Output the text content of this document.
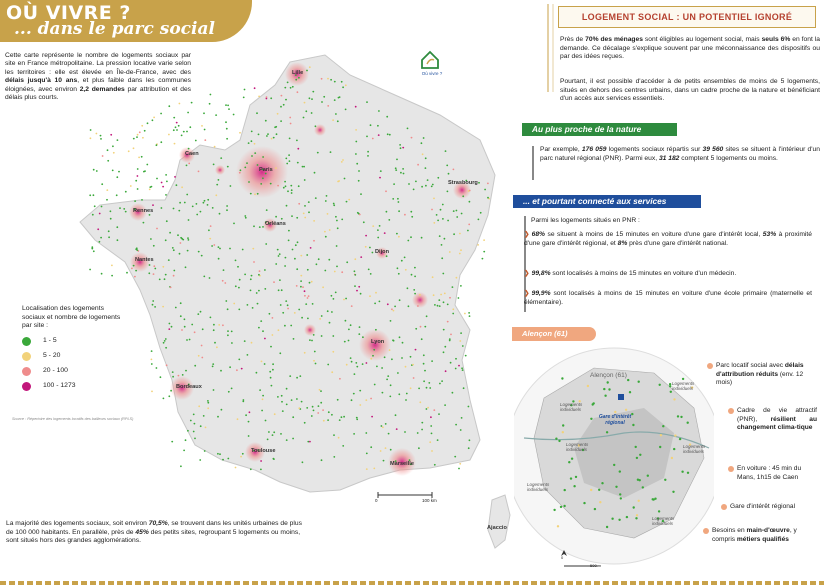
OÙ VIVRE ?
... dans le parc social
Où vivre ?
0	100 km
Lille
Caen
Paris
Strasbourg
Rennes
Orléans
Nantes
Dijon
Lyon
Bordeaux
Toulouse
Marseille
Ajaccio
Cette carte représente le nombre de logements sociaux par site en France métropolitaine. La pression locative varie selon les territoires : elle est élevée en Île-de-France, avec des délais jusqu'à 10 ans, et plus faible dans les communes éloignées, avec environ 2,2 demandes par attribution et des délais plus courts.
Localisation des logements sociaux et nombre de logements par site :
1 - 5
5 - 20
20 - 100
100 - 1273
Source : Répertoire des logements locatifs des bailleurs sociaux (RPLS)
La majorité des logements sociaux, soit environ 70,5%, se trouvent dans les unités urbaines de plus de 100 000 habitants. En parallèle, près de 45% des petits sites, regroupant 5 logements ou moins, sont situés hors des grandes agglomérations.
LOGEMENT SOCIAL : UN POTENTIEL IGNORÉ
Près de 70% des ménages sont éligibles au logement social, mais seuls 6% en font la demande. Ce décalage s'explique souvent par une méconnaissance des dispositifs ou par des idées reçues.
Pourtant, il est possible d'accéder à de petits ensembles de moins de 5 logements, situés en dehors des centres urbains, dans un cadre proche de la nature et bénéficiant d'un accès aux services essentiels.
Au plus proche de la nature
Par exemple, 176 059 logements sociaux répartis sur 39 560 sites se situent à l'intérieur d'un parc naturel régional (PNR). Parmi eux, 31 182 comptent 5 logements ou moins.
... et pourtant connecté aux services
Parmi les logements situés en PNR :
❯ 68% se situent à moins de 15 minutes en voiture d'une gare d'intérêt local, 53% à proximité d'une gare d'intérêt régional, et 8% près d'une gare d'intérêt national.
❯ 99,8% sont localisés à moins de 15 minutes en voiture d'un médecin.
❯ 99,9% sont localisés à moins de 15 minutes en voiture d'une école primaire (maternelle et élémentaire).
Alençon (61)
Alençon (61)
Gare d'intérêt régional
Logements individuels
Logements individuels
Logements individuels
Logements individuels
Logements individuels
Logements individuels
0
500 m
Parc locatif social avec délais d'attribution réduits (env. 12 mois)
Cadre de vie attractif (PNR), résilient au changement clima-tique
En voiture : 45 min du Mans, 1h15 de Caen
Gare d'intérêt régional
Besoins en main-d'œuvre, y compris métiers qualifiés
